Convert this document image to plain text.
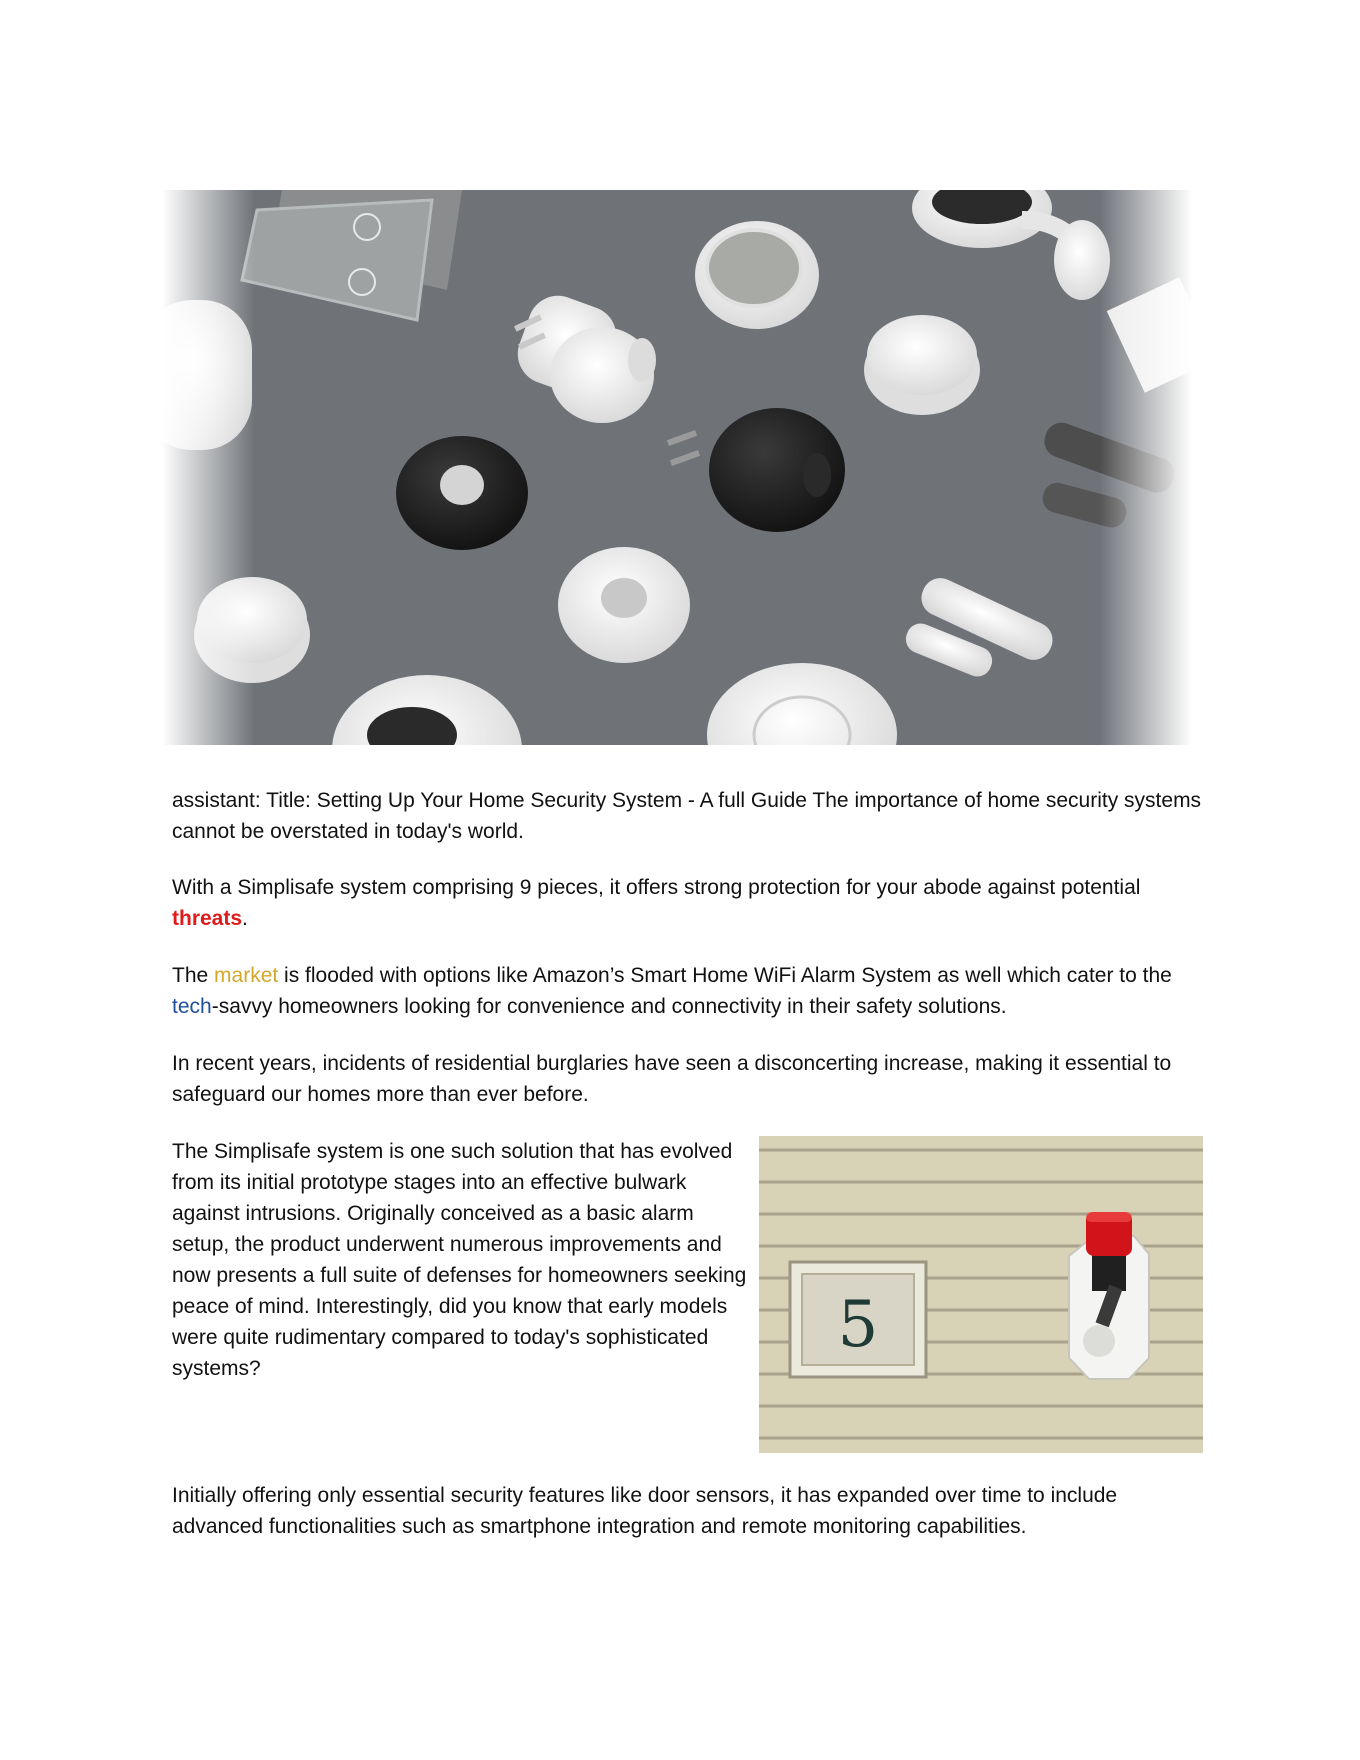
assistant: Title: Setting Up Your Home Security System - A full Guide The importance of home security systems cannot be overstated in today's world.

With a Simplisafe system comprising 9 pieces, it offers strong protection for your abode against potential threats.

The market is flooded with options like Amazon’s Smart Home WiFi Alarm System as well which cater to the tech-savvy homeowners looking for convenience and connectivity in their safety solutions.

In recent years, incidents of residential burglaries have seen a disconcerting increase, making it essential to safeguard our homes more than ever before.

The Simplisafe system is one such solution that has evolved from its initial prototype stages into an effective bulwark against intrusions. Originally conceived as a basic alarm setup, the product underwent numerous improvements and now presents a full suite of defenses for homeowners seeking peace of mind. Interestingly, did you know that early models were quite rudimentary compared to today's sophisticated systems?

5

Initially offering only essential security features like door sensors, it has expanded over time to include advanced functionalities such as smartphone integration and remote monitoring capabilities.
